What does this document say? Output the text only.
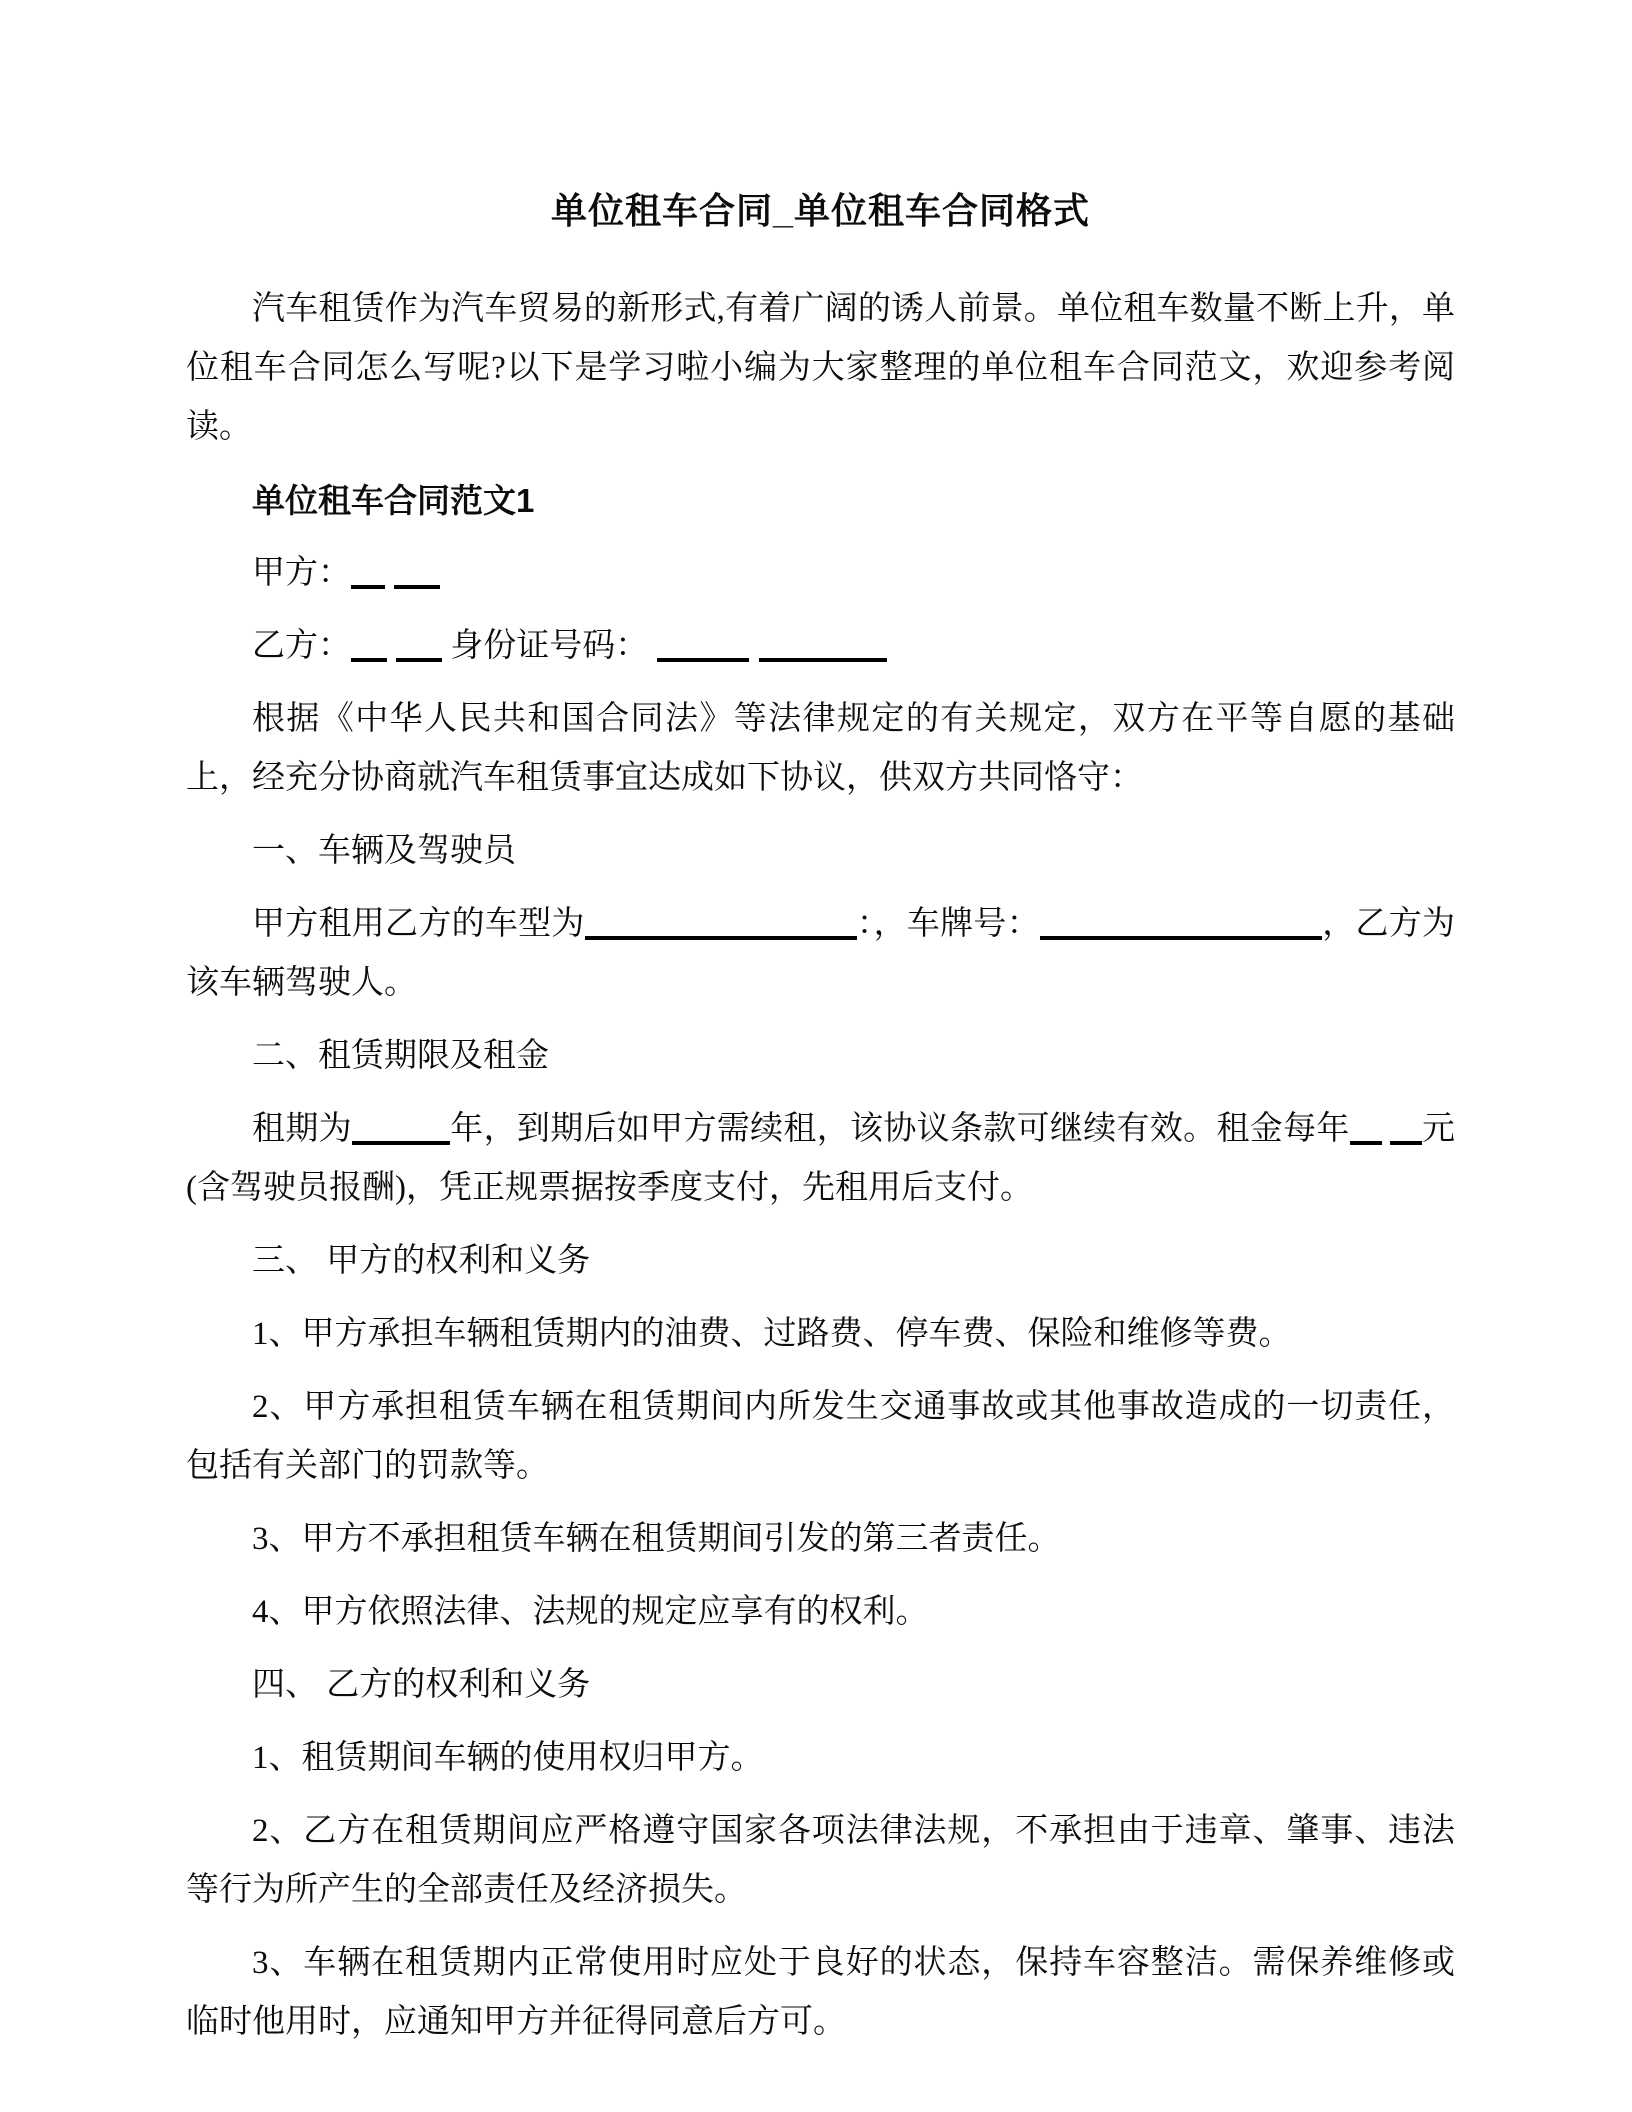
单位租车合同_单位租车合同格式

汽车租赁作为汽车贸易的新形式,有着广阔的诱人前景。单位租车数量不断上升，单位租车合同怎么写呢?以下是学习啦小编为大家整理的单位租车合同范文，欢迎参考阅读。

单位租车合同范文1

甲方：

乙方：	身份证号码：

根据《中华人民共和国合同法》等法律规定的有关规定，双方在平等自愿的基础上，经充分协商就汽车租赁事宜达成如下协议，供双方共同恪守：

一、车辆及驾驶员

甲方租用乙方的车型为	：，车牌号：	，乙方为该车辆驾驶人。

二、租赁期限及租金

租期为	年，到期后如甲方需续租，该协议条款可继续有效。租金每年 元(含驾驶员报酬)，凭正规票据按季度支付，先租用后支付。

三、 甲方的权利和义务

1、甲方承担车辆租赁期内的油费、过路费、停车费、保险和维修等费。

2、甲方承担租赁车辆在租赁期间内所发生交通事故或其他事故造成的一切责任，包括有关部门的罚款等。

3、甲方不承担租赁车辆在租赁期间引发的第三者责任。

4、甲方依照法律、法规的规定应享有的权利。

四、 乙方的权利和义务

1、租赁期间车辆的使用权归甲方。

2、乙方在租赁期间应严格遵守国家各项法律法规，不承担由于违章、肇事、违法等行为所产生的全部责任及经济损失。

3、车辆在租赁期内正常使用时应处于良好的状态，保持车容整洁。需保养维修或临时他用时，应通知甲方并征得同意后方可。
